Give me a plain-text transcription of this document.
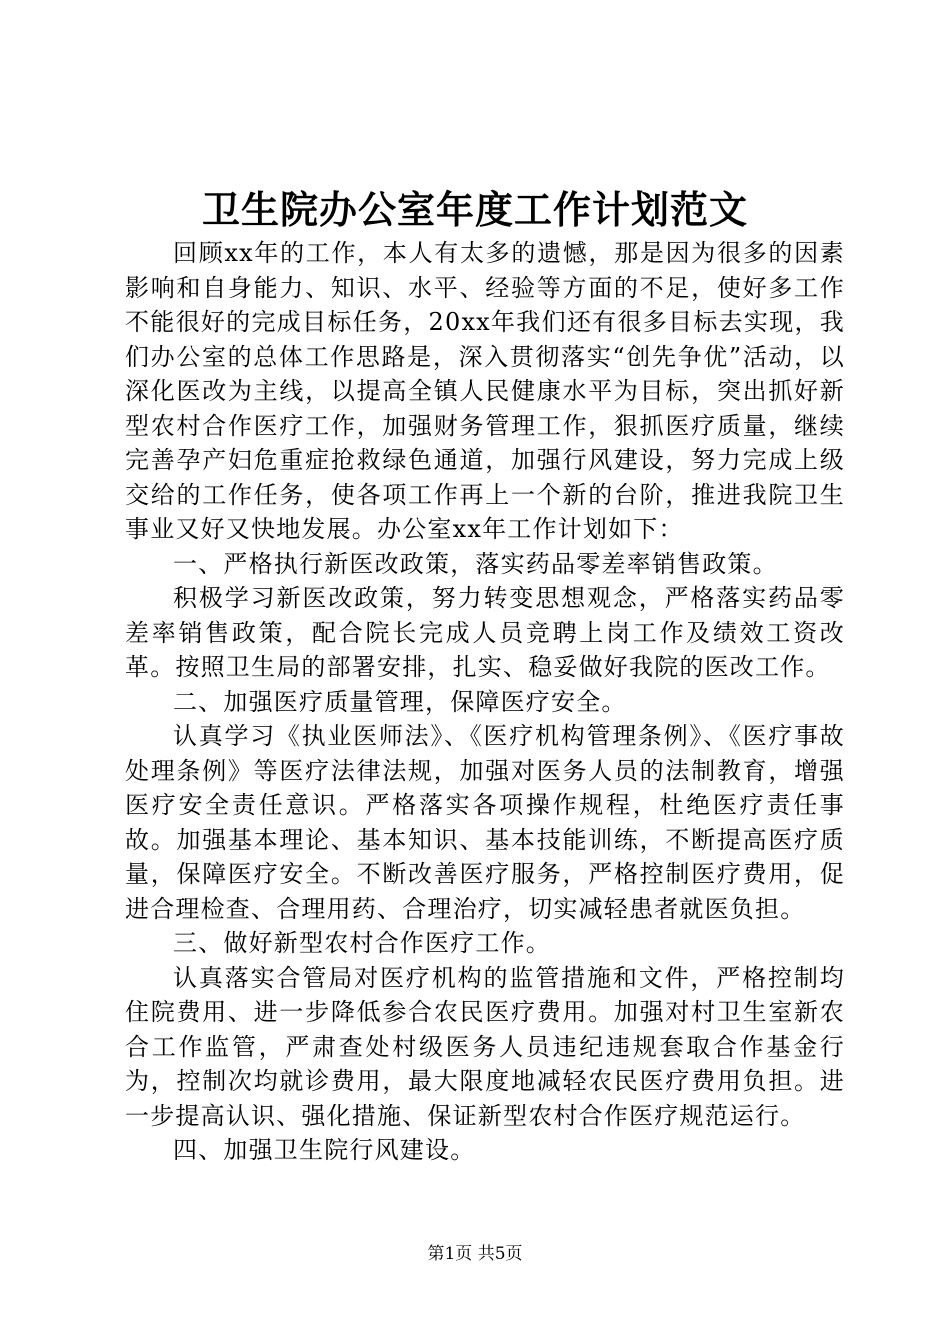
卫生院办公室年度工作计划范文

回顾xx年的工作，本人有太多的遗憾，那是因为很多的因素影响和自身能力、知识、水平、经验等方面的不足，使好多工作不能很好的完成目标任务，20xx年我们还有很多目标去实现，我们办公室的总体工作思路是，深入贯彻落实“创先争优”活动，以深化医改为主线，以提高全镇人民健康水平为目标，突出抓好新型农村合作医疗工作，加强财务管理工作，狠抓医疗质量，继续完善孕产妇危重症抢救绿色通道，加强行风建设，努力完成上级交给的工作任务，使各项工作再上一个新的台阶，推进我院卫生事业又好又快地发展。办公室xx年工作计划如下：

一、严格执行新医改政策，落实药品零差率销售政策。

积极学习新医改政策，努力转变思想观念，严格落实药品零差率销售政策，配合院长完成人员竞聘上岗工作及绩效工资改革。按照卫生局的部署安排，扎实、稳妥做好我院的医改工作。

二、加强医疗质量管理，保障医疗安全。

认真学习《执业医师法》、《医疗机构管理条例》、《医疗事故处理条例》等医疗法律法规，加强对医务人员的法制教育，增强医疗安全责任意识。严格落实各项操作规程，杜绝医疗责任事故。加强基本理论、基本知识、基本技能训练，不断提高医疗质量，保障医疗安全。不断改善医疗服务，严格控制医疗费用，促进合理检查、合理用药、合理治疗，切实减轻患者就医负担。

三、做好新型农村合作医疗工作。

认真落实合管局对医疗机构的监管措施和文件，严格控制均住院费用、进一步降低参合农民医疗费用。加强对村卫生室新农合工作监管，严肃查处村级医务人员违纪违规套取合作基金行为，控制次均就诊费用，最大限度地减轻农民医疗费用负担。进一步提高认识、强化措施、保证新型农村合作医疗规范运行。

四、加强卫生院行风建设。

第1页 共5页
